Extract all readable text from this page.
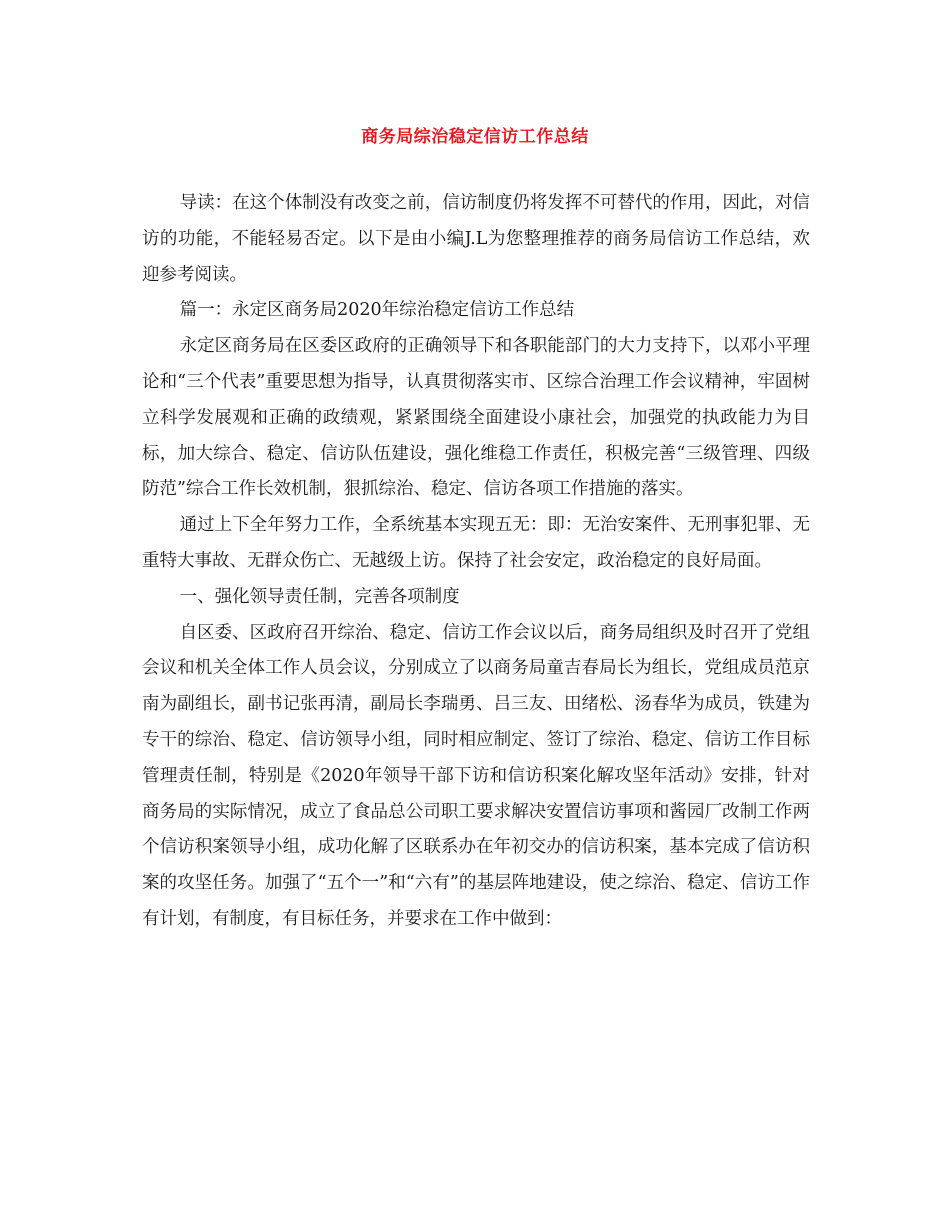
商务局综治稳定信访工作总结

导读：在这个体制没有改变之前，信访制度仍将发挥不可替代的作用，因此，对信访的功能，不能轻易否定。以下是由小编J.L为您整理推荐的商务局信访工作总结，欢迎参考阅读。

篇一：永定区商务局2020年综治稳定信访工作总结

永定区商务局在区委区政府的正确领导下和各职能部门的大力支持下，以邓小平理论和“三个代表”重要思想为指导，认真贯彻落实市、区综合治理工作会议精神，牢固树立科学发展观和正确的政绩观，紧紧围绕全面建设小康社会，加强党的执政能力为目标，加大综合、稳定、信访队伍建设，强化维稳工作责任，积极完善“三级管理、四级防范”综合工作长效机制，狠抓综治、稳定、信访各项工作措施的落实。

通过上下全年努力工作，全系统基本实现五无：即：无治安案件、无刑事犯罪、无重特大事故、无群众伤亡、无越级上访。保持了社会安定，政治稳定的良好局面。

一、强化领导责任制，完善各项制度

自区委、区政府召开综治、稳定、信访工作会议以后，商务局组织及时召开了党组会议和机关全体工作人员会议，分别成立了以商务局童吉春局长为组长，党组成员范京南为副组长，副书记张再清，副局长李瑞勇、吕三友、田绪松、汤春华为成员，铁建为专干的综治、稳定、信访领导小组，同时相应制定、签订了综治、稳定、信访工作目标管理责任制，特别是《2020年领导干部下访和信访积案化解攻坚年活动》安排，针对商务局的实际情况，成立了食品总公司职工要求解决安置信访事项和酱园厂改制工作两个信访积案领导小组，成功化解了区联系办在年初交办的信访积案，基本完成了信访积案的攻坚任务。加强了“五个一”和“六有”的基层阵地建设，使之综治、稳定、信访工作有计划，有制度，有目标任务，并要求在工作中做到：
